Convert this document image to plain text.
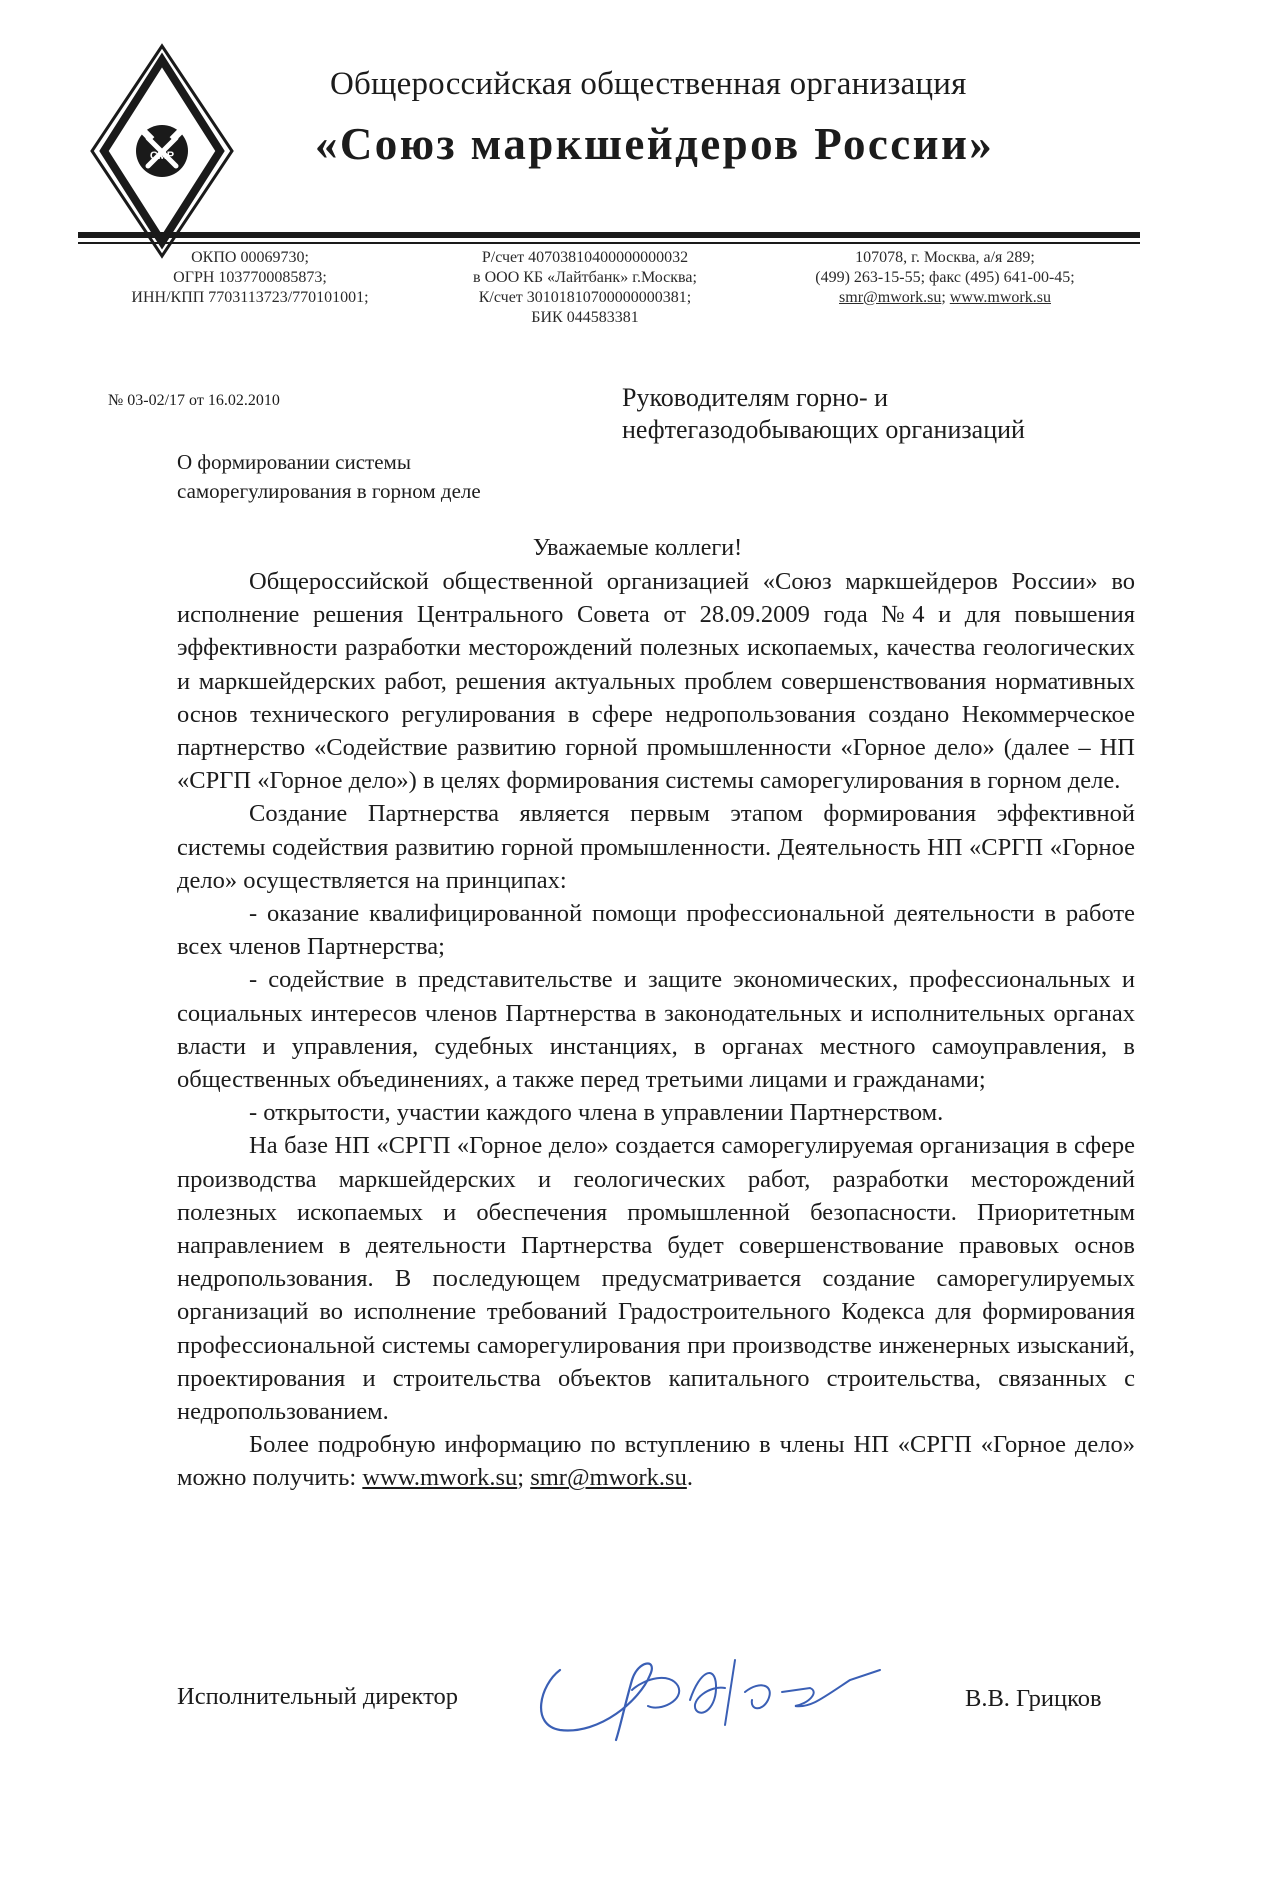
СМР
Общероссийская общественная организация
«Союз маркшейдеров России»
ОКПО 00069730;
ОГРН 1037700085873;
ИНН/КПП 7703113723/770101001;
Р/счет 40703810400000000032
в ООО КБ «Лайтбанк» г.Москва;
К/счет 30101810700000000381;
БИК 044583381
107078, г. Москва, а/я 289;
(499) 263-15-55; факс (495) 641-00-45;
smr@mwork.su; www.mwork.su
№ 03-02/17 от 16.02.2010	Руководителям горно- и
нефтегазодобывающих организаций
О формировании системы
саморегулирования в горном деле
Уважаемые коллеги!

Общероссийской общественной организацией «Союз маркшейдеров России» во исполнение решения Центрального Совета от 28.09.2009 года №4 и для повышения эффективности разработки месторождений полезных ископаемых, качества геологических и маркшейдерских работ, решения актуальных проблем совершенствования нормативных основ технического регулирования в сфере недропользования создано Некоммерческое партнерство «Содействие развитию горной промышленности «Горное дело» (далее – НП «СРГП «Горное дело») в целях формирования системы саморегулирования в горном деле.

Создание Партнерства является первым этапом формирования эффективной системы содействия развитию горной промышленности. Деятельность НП «СРГП «Горное дело» осуществляется на принципах:

- оказание квалифицированной помощи профессиональной деятельности в работе всех членов Партнерства;

- содействие в представительстве и защите экономических, профессиональных и социальных интересов членов Партнерства в законодательных и исполнительных органах власти и управления, судебных инстанциях, в органах местного самоуправления, в общественных объединениях, а также перед третьими лицами и гражданами;

- открытости, участии каждого члена в управлении Партнерством.

На базе НП «СРГП «Горное дело» создается саморегулируемая организация в сфере производства маркшейдерских и геологических работ, разработки месторождений полезных ископаемых и обеспечения промышленной безопасности. Приоритетным направлением в деятельности Партнерства будет совершенствование правовых основ недропользования. В последующем предусматривается создание саморегулируемых организаций во исполнение требований Градостроительного Кодекса для формирования профессиональной системы саморегулирования при производстве инженерных изысканий, проектирования и строительства объектов капитального строительства, связанных с недропользованием.

Более подробную информацию по вступлению в члены НП «СРГП «Горное дело» можно получить: www.mwork.su; smr@mwork.su.

Исполнительный директор	В.В. Грицков
